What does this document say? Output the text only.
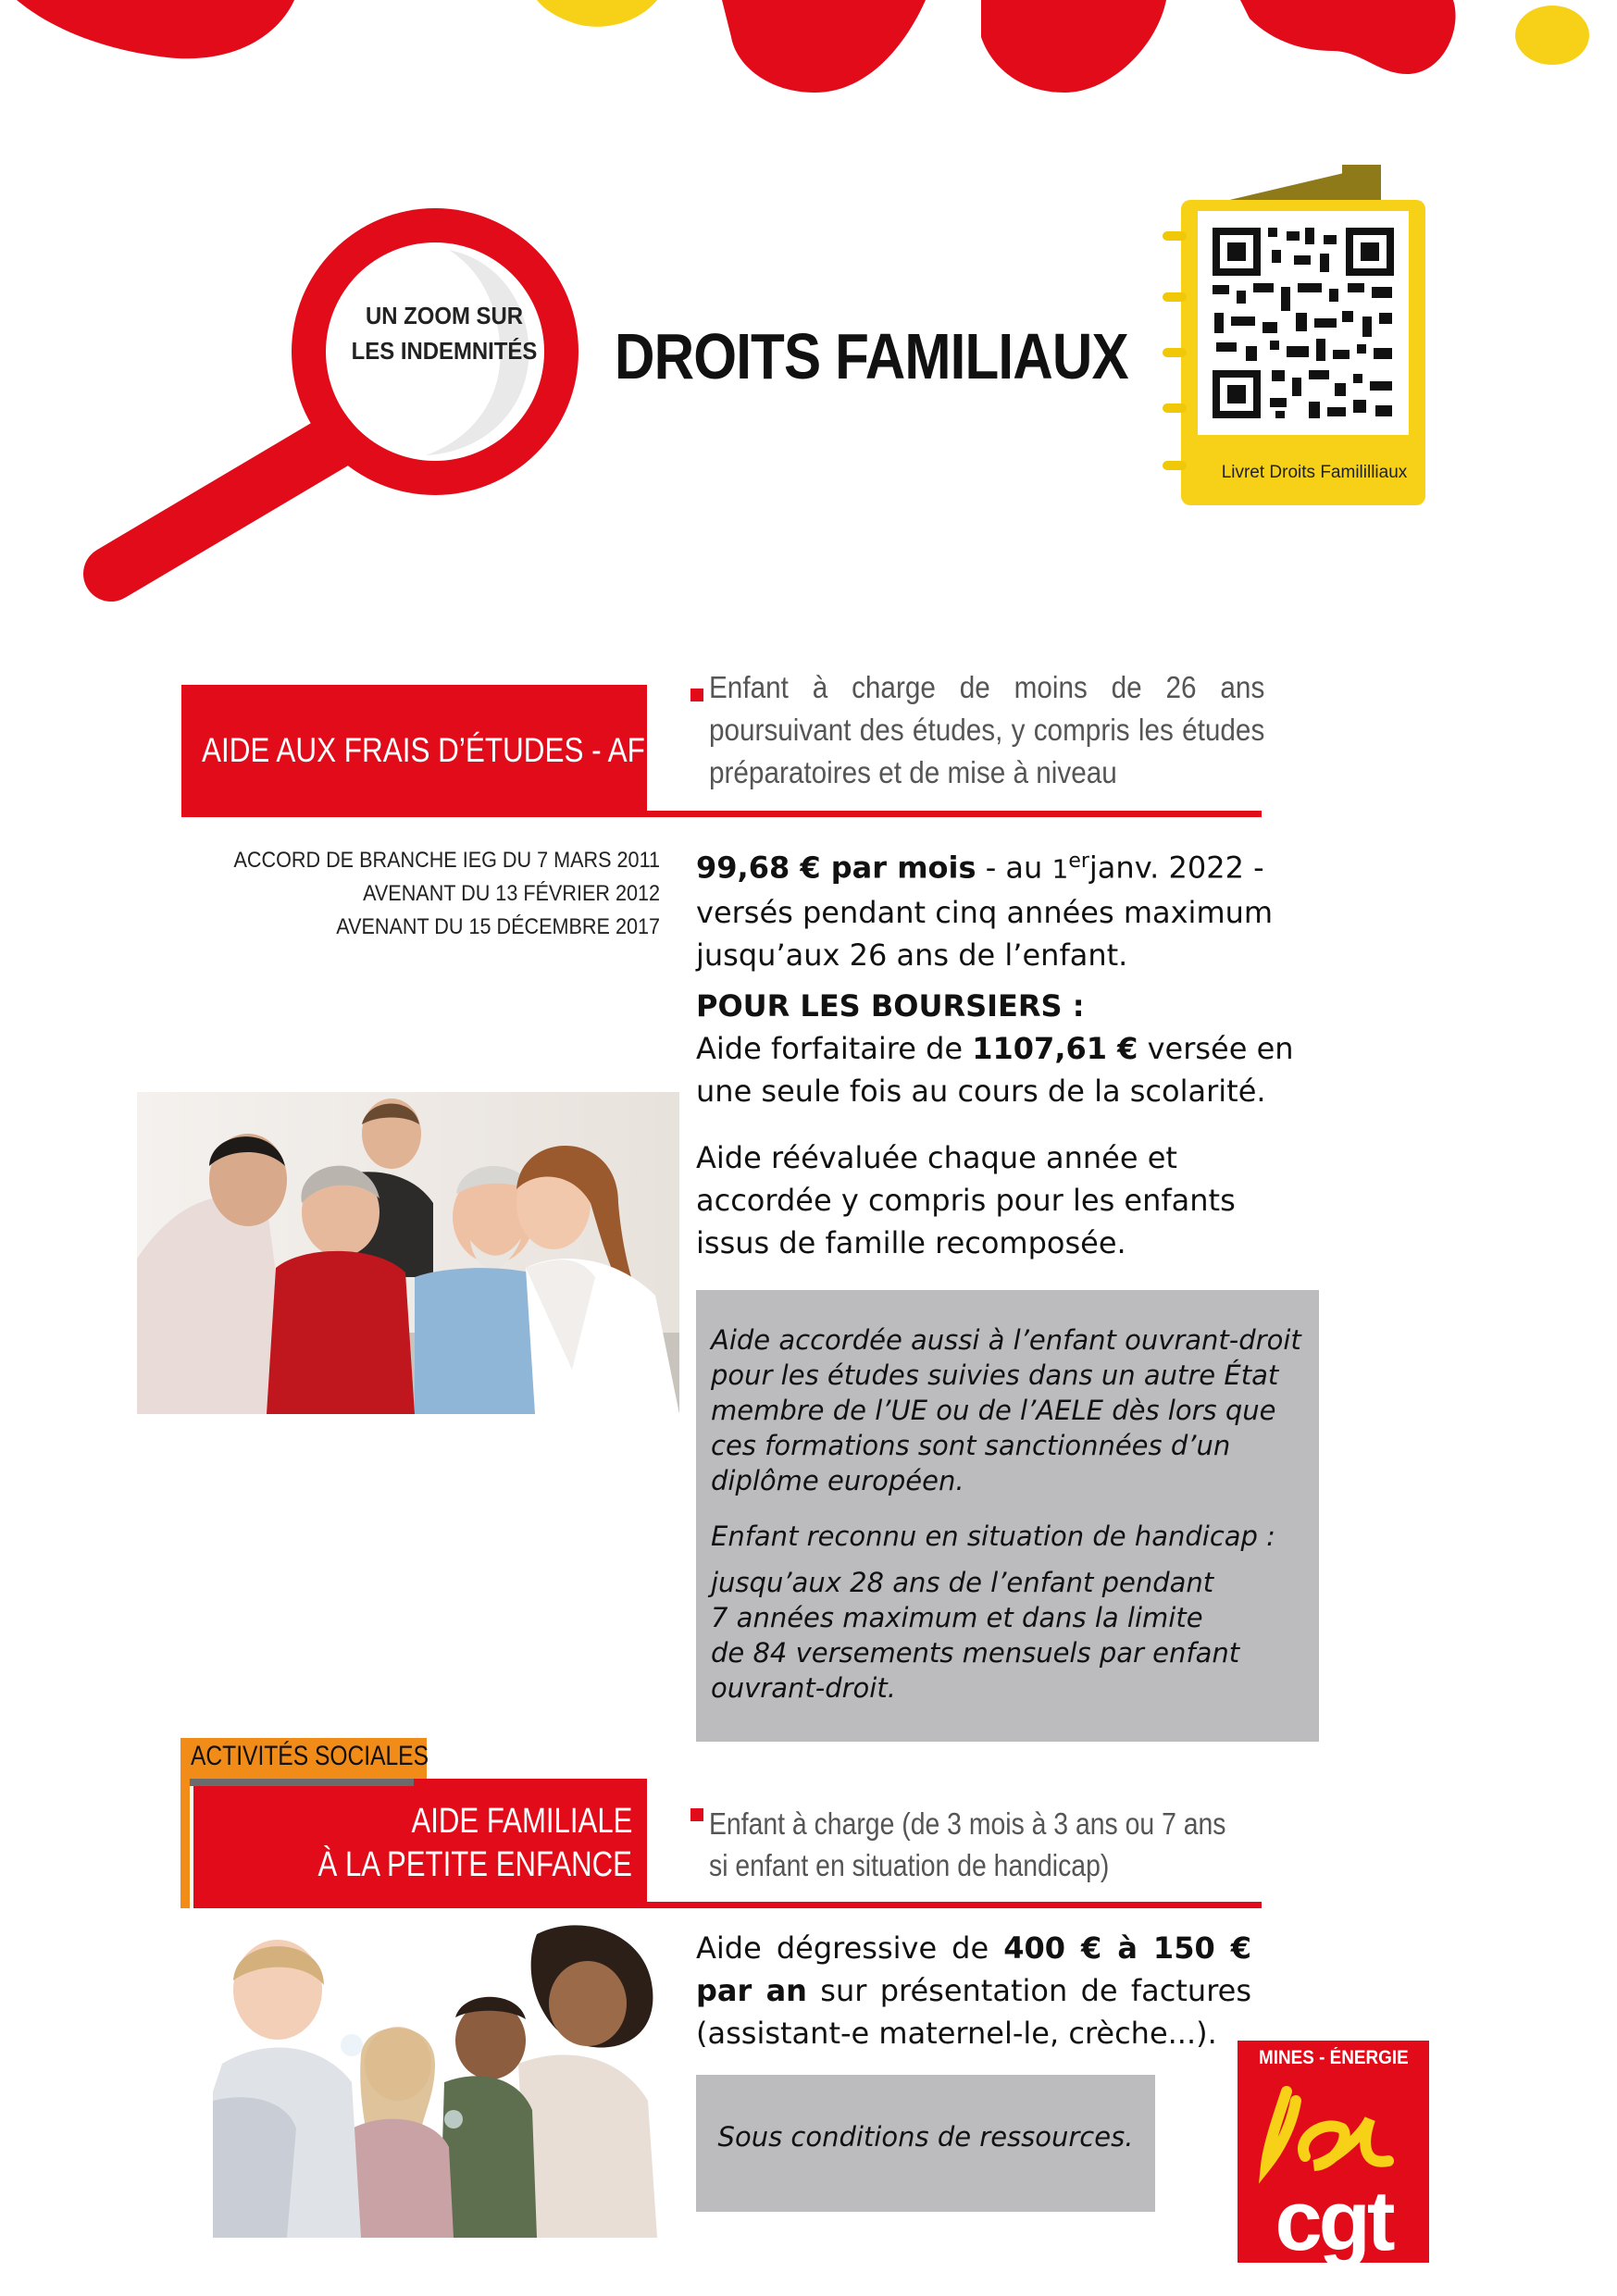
UN ZOOM SUR
LES INDEMNITÉS DROITS FAMILIAUX
Livret Droits Famililliaux
AIDE AUX FRAIS D’ÉTUDES - AFE
Enfant à charge de moins de 26 ans poursuivant des études, y compris les études préparatoires et de mise à niveau
ACCORD DE BRANCHE IEG DU 7 MARS 2011
AVENANT DU 13 FÉVRIER 2012
AVENANT DU 15 DÉCEMBRE 2017
99,68 € par mois - au 1erjanv. 2022 - versés pendant cinq années maximum jusqu’aux 26 ans de l’enfant.
POUR LES BOURSIERS :
Aide forfaitaire de 1107,61 € versée en une seule fois au cours de la scolarité.
Aide réévaluée chaque année et accordée y compris pour les enfants issus de famille recomposée.
Aide accordée aussi à l’enfant ouvrant-droit pour les études suivies dans un autre État membre de l’UE ou de l’AELE dès lors que ces formations sont sanctionnées d’un diplôme européen.
Enfant reconnu en situation de handicap :
jusqu’aux 28 ans de l’enfant pendant
7 années maximum et dans la limite
de 84 versements mensuels par enfant
ouvrant-droit.
ACTIVITÉS SOCIALES
AIDE FAMILIALE
À LA PETITE ENFANCE
Enfant à charge (de 3 mois à 3 ans ou 7 ans
si enfant en situation de handicap)
Aide dégressive de 400 € à 150 € par an sur présentation de factures (assistant-e maternel-le, crèche...).
Sous conditions de ressources.
MINES - ÉNERGIE
cgt
